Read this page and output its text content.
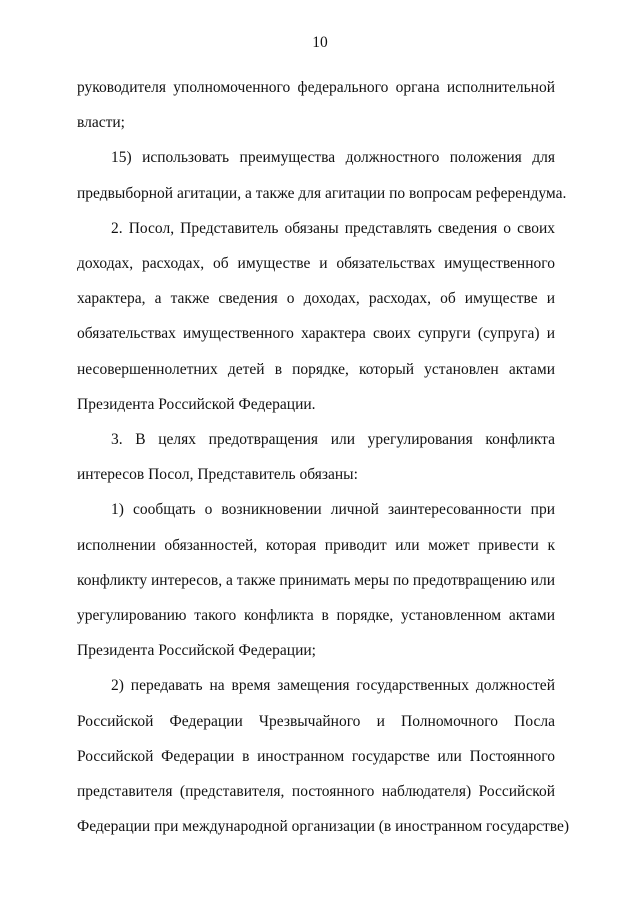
10

руководителя уполномоченного федерального органа исполнительной
власти;

15) использовать преимущества должностного положения для
предвыборной агитации, а также для агитации по вопросам референдума.

2. Посол, Представитель обязаны представлять сведения о своих
доходах, расходах, об имуществе и обязательствах имущественного
характера, а также сведения о доходах, расходах, об имуществе и
обязательствах имущественного характера своих супруги (супруга) и
несовершеннолетних детей в порядке, который установлен актами
Президента Российской Федерации.

3. В целях предотвращения или урегулирования конфликта
интересов Посол, Представитель обязаны:

1) сообщать о возникновении личной заинтересованности при
исполнении обязанностей, которая приводит или может привести к
конфликту интересов, а также принимать меры по предотвращению или
урегулированию такого конфликта в порядке, установленном актами
Президента Российской Федерации;

2) передавать на время замещения государственных должностей
Российской Федерации Чрезвычайного и Полномочного Посла
Российской Федерации в иностранном государстве или Постоянного
представителя (представителя, постоянного наблюдателя) Российской
Федерации при международной организации (в иностранном государстве)
